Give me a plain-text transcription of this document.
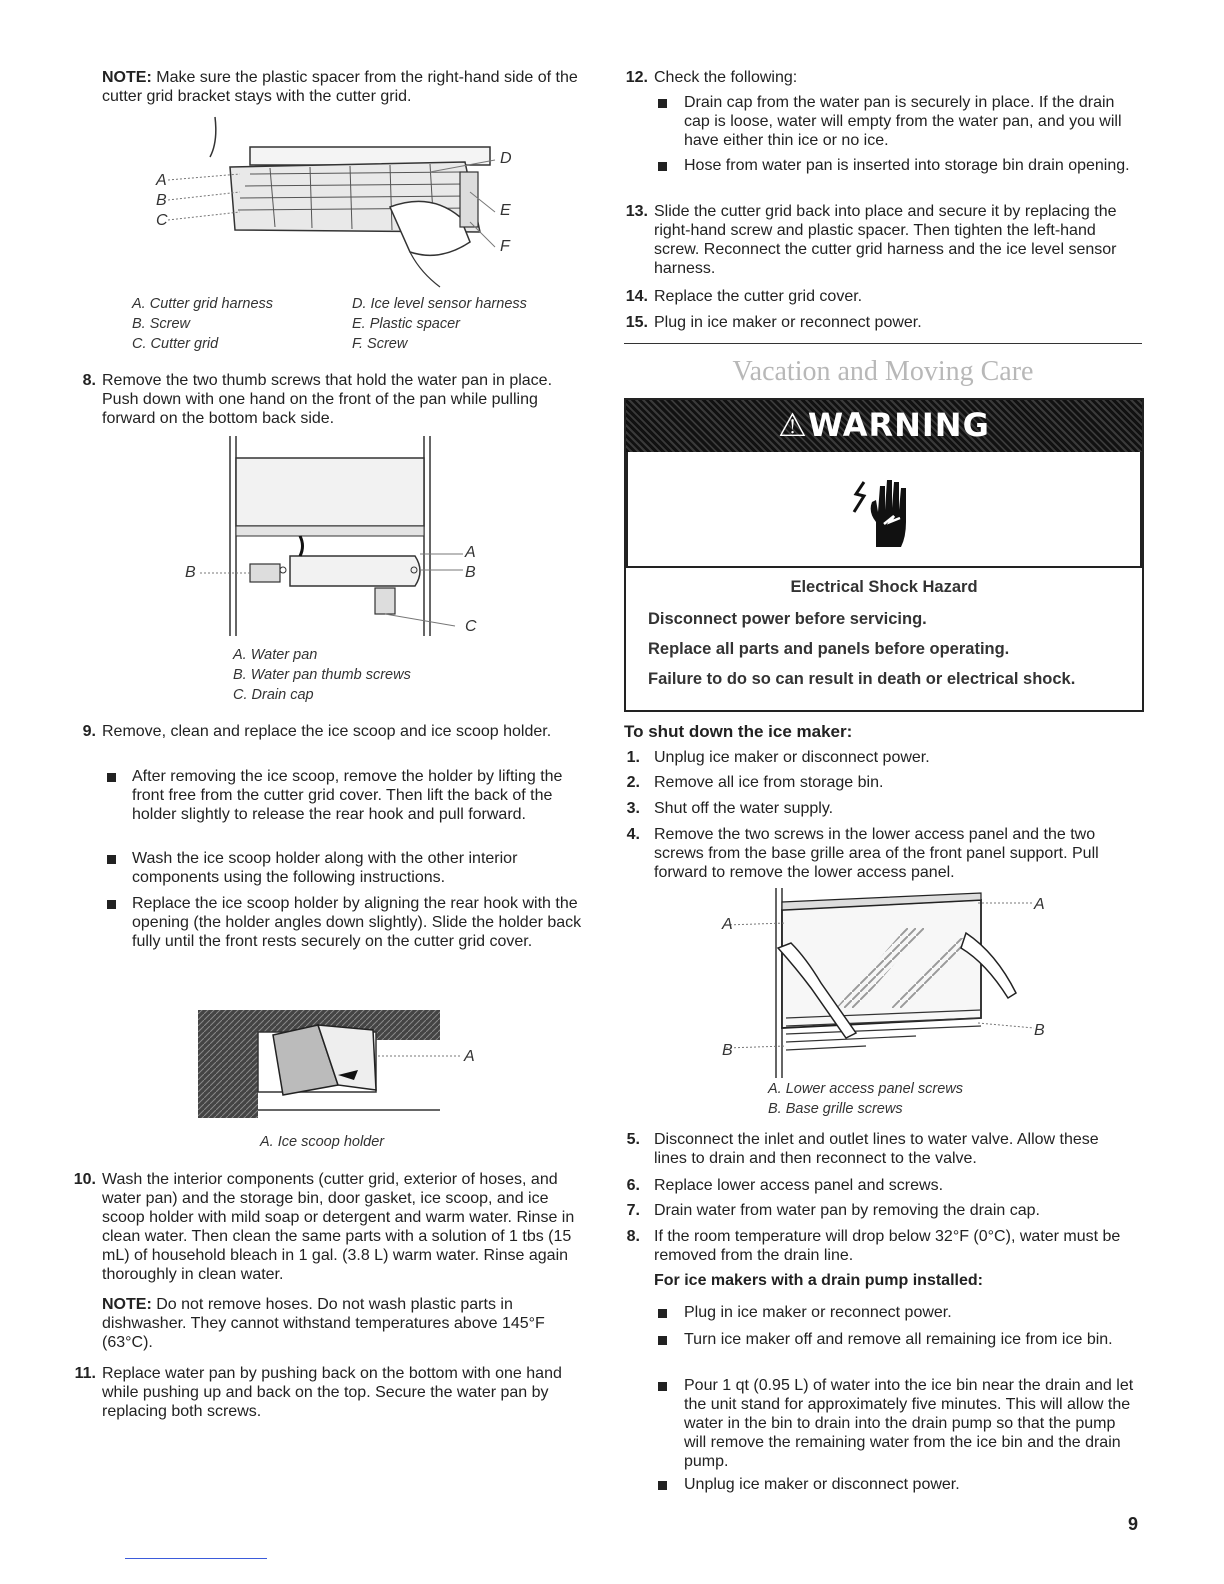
NOTE: Make sure the plastic spacer from the right-hand side of the cutter grid bracket stays with the cutter grid.
A
B
C
D
E
F
A. Cutter grid harness
B. Screw
C. Cutter grid
D. Ice level sensor harness
E. Plastic spacer
F. Screw
8. Remove the two thumb screws that hold the water pan in place. Push down with one hand on the front of the pan while pulling forward on the bottom back side.
A
B	B
C
A. Water pan
B. Water pan thumb screws
C. Drain cap
9. Remove, clean and replace the ice scoop and ice scoop holder.
After removing the ice scoop, remove the holder by lifting the front free from the cutter grid cover. Then lift the back of the holder slightly to release the rear hook and pull forward.
Wash the ice scoop holder along with the other interior components using the following instructions.
Replace the ice scoop holder by aligning the rear hook with the opening (the holder angles down slightly). Slide the holder back fully until the front rests securely on the cutter grid cover.
A
A. Ice scoop holder
10. Wash the interior components (cutter grid, exterior of hoses, and water pan) and the storage bin, door gasket, ice scoop, and ice scoop holder with mild soap or detergent and warm water. Rinse in clean water. Then clean the same parts with a solution of 1 tbs (15 mL) of household bleach in 1 gal. (3.8 L) warm water. Rinse again thoroughly in clean water.
NOTE: Do not remove hoses. Do not wash plastic parts in dishwasher. They cannot withstand temperatures above 145°F (63°C).
11. Replace water pan by pushing back on the bottom with one hand while pushing up and back on the top. Secure the water pan by replacing both screws.
12. Check the following:
Drain cap from the water pan is securely in place. If the drain cap is loose, water will empty from the water pan, and you will have either thin ice or no ice.
Hose from water pan is inserted into storage bin drain opening.
13. Slide the cutter grid back into place and secure it by replacing the right-hand screw and plastic spacer. Then tighten the left-hand screw. Reconnect the cutter grid harness and the ice level sensor harness.
14. Replace the cutter grid cover.
15. Plug in ice maker or reconnect power.
Vacation and Moving Care
⚠WARNING
Electrical Shock Hazard
Disconnect power before servicing.
Replace all parts and panels before operating.
Failure to do so can result in death or electrical shock.
To shut down the ice maker:
1. Unplug ice maker or disconnect power.
2. Remove all ice from storage bin.
3. Shut off the water supply.
4. Remove the two screws in the lower access panel and the two screws from the base grille area of the front panel support. Pull forward to remove the lower access panel.
A
A
B
B
A. Lower access panel screws
B. Base grille screws
5. Disconnect the inlet and outlet lines to water valve. Allow these lines to drain and then reconnect to the valve.
6. Replace lower access panel and screws.
7. Drain water from water pan by removing the drain cap.
8. If the room temperature will drop below 32°F (0°C), water must be removed from the drain line.
For ice makers with a drain pump installed:
Plug in ice maker or reconnect power.
Turn ice maker off and remove all remaining ice from ice bin.
Pour 1 qt (0.95 L) of water into the ice bin near the drain and let the unit stand for approximately five minutes. This will allow the water in the bin to drain into the drain pump so that the pump will remove the remaining water from the ice bin and the drain pump.
Unplug ice maker or disconnect power.
9
